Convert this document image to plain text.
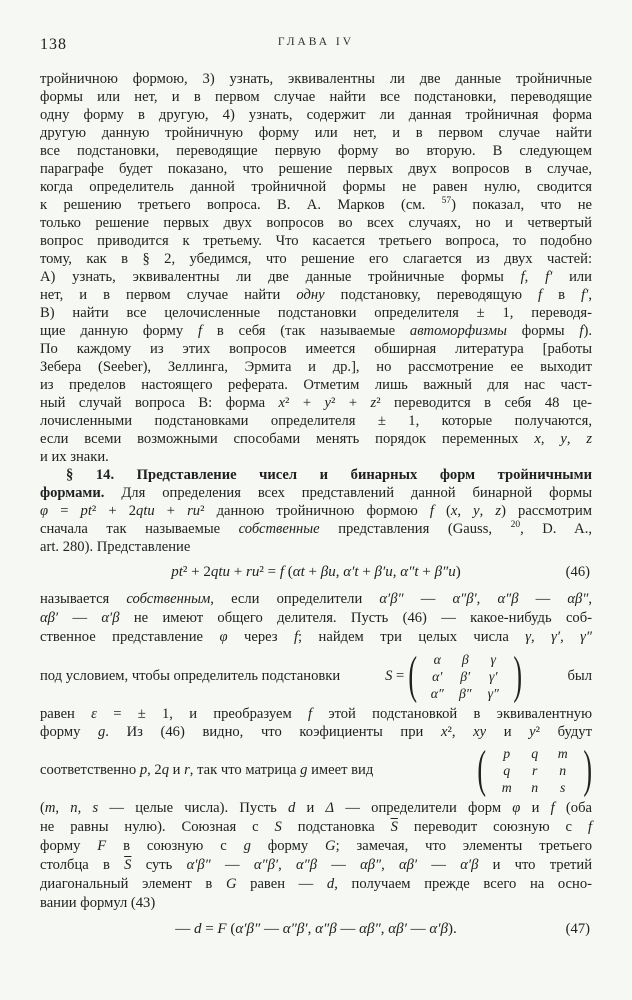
138	ГЛАВА IV
тройничною формою, 3) узнать, эквивалентны ли две данные тройничные
формы или нет, и в первом случае найти все подстановки, переводящие
одну форму в другую, 4) узнать, содержит ли данная тройничная форма
другую данную тройничную форму или нет, и в первом случае найти
все подстановки, переводящие первую форму во вторую. В следующем
параграфе будет показано, что решение первых двух вопросов в случае,
когда определитель данной тройничной формы не равен нулю, сводится
к решению третьего вопроса. В. А. Марков (см. $^{57}$) показал, что не
только решение первых двух вопросов во всех случаях, но и четвертый
вопрос приводится к третьему. Что касается третьего вопроса, то подобно
тому, как в § 2, убедимся, что решение его слагается из двух частей:
А) узнать, эквивалентны ли две данные тройничные формы f, f′ или
нет, и в первом случае найти одну подстановку, переводящую f в f′,
В) найти все целочисленные подстановки определителя ± 1, переводя-
щие данную форму f в себя (так называемые автоморфизмы формы f).
По каждому из этих вопросов имеется обширная литература [работы
Зебера (Seeber), Зеллинга, Эрмита и др.], но рассмотрение ее выходит
из пределов настоящего реферата. Отметим лишь важный для нас част-
ный случай вопроса В: форма x² + y² + z² переводится в себя 48 це-
лочисленными подстановками определителя ± 1, которые получаются,
если всеми возможными способами менять порядок переменных x, y, z
и их знаки.
§ 14. Представление чисел и бинарных форм тройничными
формами. Для определения всех представлений данной бинарной формы
φ = pt² + 2qtu + ru² данною тройничною формою f (x, y, z) рассмотрим
сначала так называемые собственные представления (Gauss, $^{20}$, D. A.,
art. 280). Представление
pt² + 2qtu + ru² = f (αt + βu, α′t + β′u, α″t + β″u)	(46)
называется собственным, если определители α′β″ — α″β′, α″β — αβ″,
αβ′ — α′β не имеют общего делителя. Пусть (46) — какое-нибудь соб-
ственное представление φ через f; найдем три целых числа γ, γ′, γ″
под условием, чтобы определитель подстановки	S =
(	α	β	γ
α′	β′	γ′
α″	β″	γ″ )	был
равен ε = ± 1, и преобразуем f этой подстановкой в эквивалентную
форму g. Из (46) видно, что коэфициенты при x², xy и y² будут
соответственно p, 2q и r, так что матрица g имеет вид (	p	q	m
q	r	n
m	n	s )
(m, n, s — целые числа). Пусть d и Δ — определители форм φ и f (оба
не равны нулю). Союзная с S подстановка $\overline{S}$ переводит союзную с f
форму F в союзную с g форму G; замечая, что элементы третьего
столбца в $\overline{S}$ суть α′β″ — α″β′, α″β — αβ″, αβ′ — α′β и что третий
диагональный элемент в G равен — d, получаем прежде всего на осно-
вании формул (43)
— d = F (α′β″ — α″β′, α″β — αβ″, αβ′ — α′β).	(47)
